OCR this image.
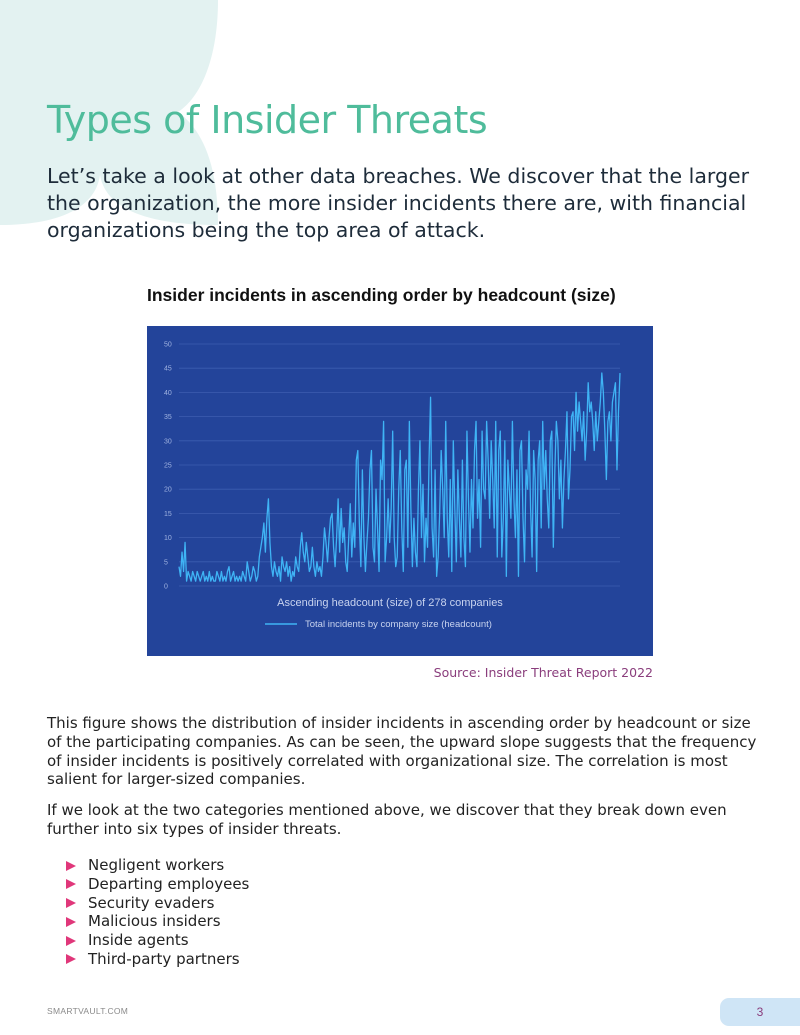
Types of Insider Threats

Let’s take a look at other data breaches. We discover that the larger the organization, the more insider incidents there are, with financial organizations being the top area of attack.

Insider incidents in ascending order by headcount (size)
0
5
10
15
20
25
30
35
40
45
50
Ascending headcount (size) of 278 companies
Total incidents by company size (headcount)
Source: Insider Threat Report 2022

This figure shows the distribution of insider incidents in ascending order by headcount or size of the participating companies. As can be seen, the upward slope suggests that the frequency of insider incidents is positively correlated with organizational size. The correlation is most salient for larger-sized companies.

If we look at the two categories mentioned above, we discover that they break down even further into six types of insider threats.

Negligent workers
Departing employees
Security evaders
Malicious insiders
Inside agents
Third-party partners
SMARTVAULT.COM	3
